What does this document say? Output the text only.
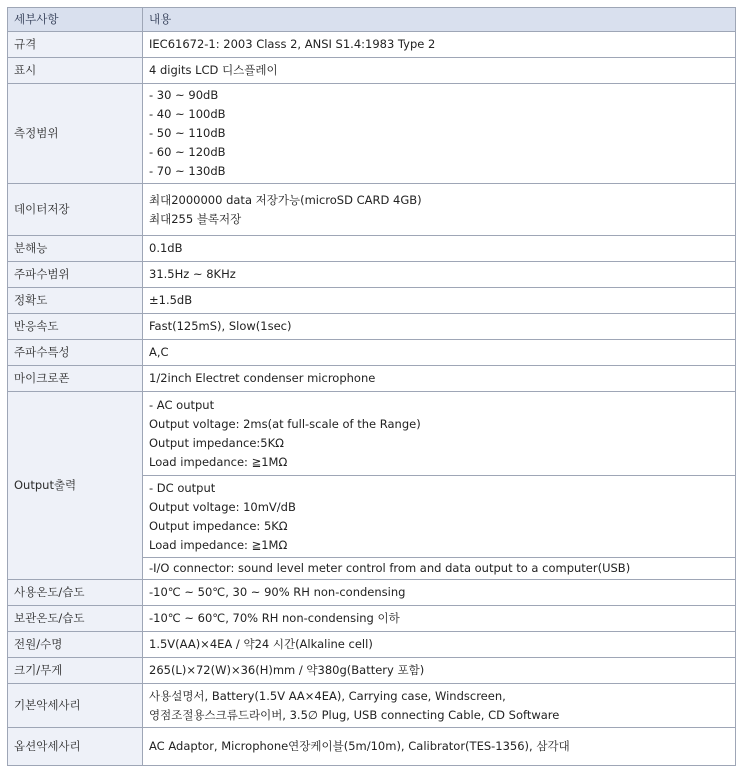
세부사항	내용
규격	IEC61672-1: 2003 Class 2, ANSI S1.4:1983 Type 2

표시	4 digits LCD 디스플레이

측정범위	- 30 ~ 90dB
- 40 ~ 100dB
- 50 ~ 110dB
- 60 ~ 120dB
- 70 ~ 130dB

데이터저장	최대2000000 data 저장가능(microSD CARD 4GB)
최대255 블록저장

분해능	0.1dB

주파수범위	31.5Hz ~ 8KHz

정확도	±1.5dB

반응속도	Fast(125mS), Slow(1sec)

주파수특성	A,C

마이크로폰	1/2inch Electret condenser microphone

Output출력	- AC output
Output voltage: 2ms(at full-scale of the Range)
Output impedance:5KΩ
Load impedance: ≧1MΩ

	- DC output
Output voltage: 10mV/dB
Output impedance: 5KΩ
Load impedance: ≧1MΩ

	-I/O connector: sound level meter control from and data output to a computer(USB)
사용온도/습도	-10℃ ~ 50℃, 30 ~ 90% RH non-condensing

보관온도/습도	-10℃ ~ 60℃, 70% RH non-condensing 이하

전원/수명	1.5V(AA)×4EA / 약24 시간(Alkaline cell)

크기/무게	265(L)×72(W)×36(H)mm / 약380g(Battery 포함)

기본악세사리	사용설명서, Battery(1.5V AA×4EA), Carrying case, Windscreen,
영점조절용스크류드라이버, 3.5∅ Plug, USB connecting Cable, CD Software

옵션악세사리	AC Adaptor, Microphone연장케이블(5m/10m), Calibrator(TES-1356), 삼각대
